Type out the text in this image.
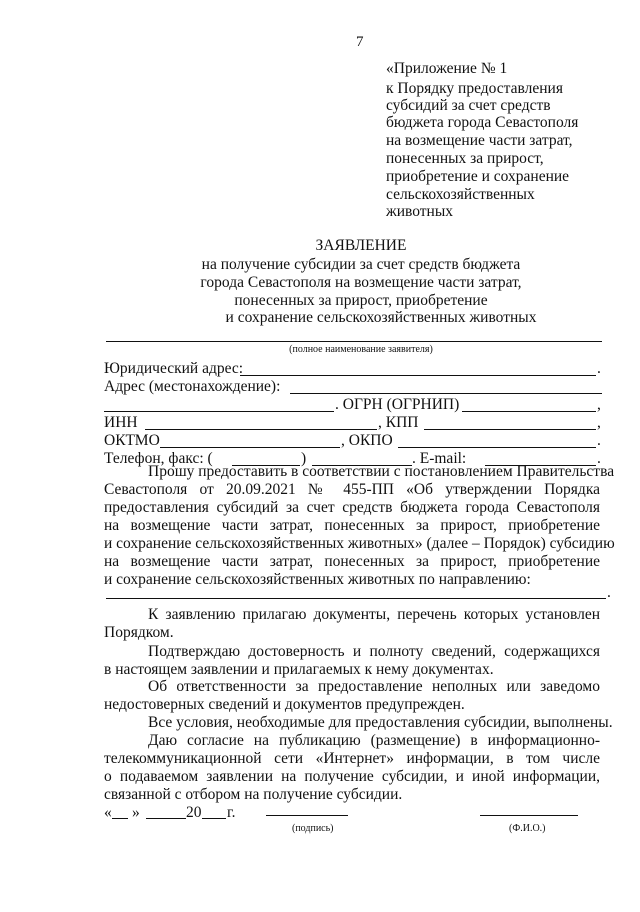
7
«Приложение № 1
к Порядку предоставления
субсидий за счет средств
бюджета города Севастополя
на возмещение части затрат,
понесенных за прирост,
приобретение и сохранение
сельскохозяйственных
животных
ЗАЯВЛЕНИЕ
на получение субсидии за счет средств бюджета
города Севастополя на возмещение части затрат,
понесенных за прирост, приобретение
и сохранение сельскохозяйственных животных
(полное наименование заявителя)
Юридический адрес:	.
Адрес (местонахождение):
. ОГРН (ОГРНИП)	,
ИНН	, КПП	,
ОКТМО	, ОКПО	.
Телефон, факс: (	)	. E-mail:	.
Прошу предоставить в соответствии с постановлением Правительства
Севастополя от 20.09.2021 № 455-ПП «Об утверждении Порядка
предоставления субсидий за счет средств бюджета города Севастополя
на возмещение части затрат, понесенных за прирост, приобретение
и сохранение сельскохозяйственных животных» (далее – Порядок) субсидию
на возмещение части затрат, понесенных за прирост, приобретение
и сохранение сельскохозяйственных животных по направлению:
.
К заявлению прилагаю документы, перечень которых установлен
Порядком.
Подтверждаю достоверность и полноту сведений, содержащихся
в настоящем заявлении и прилагаемых к нему документах.
Об ответственности за предоставление неполных или заведомо
недостоверных сведений и документов предупрежден.
Все условия, необходимые для предоставления субсидии, выполнены.
Даю согласие на публикацию (размещение) в информационно-
телекоммуникационной сети «Интернет» информации, в том числе
о подаваемом заявлении на получение субсидии, и иной информации,
связанной с отбором на получение субсидии.
« »	20 г.
(подпись)	(Ф.И.О.)
